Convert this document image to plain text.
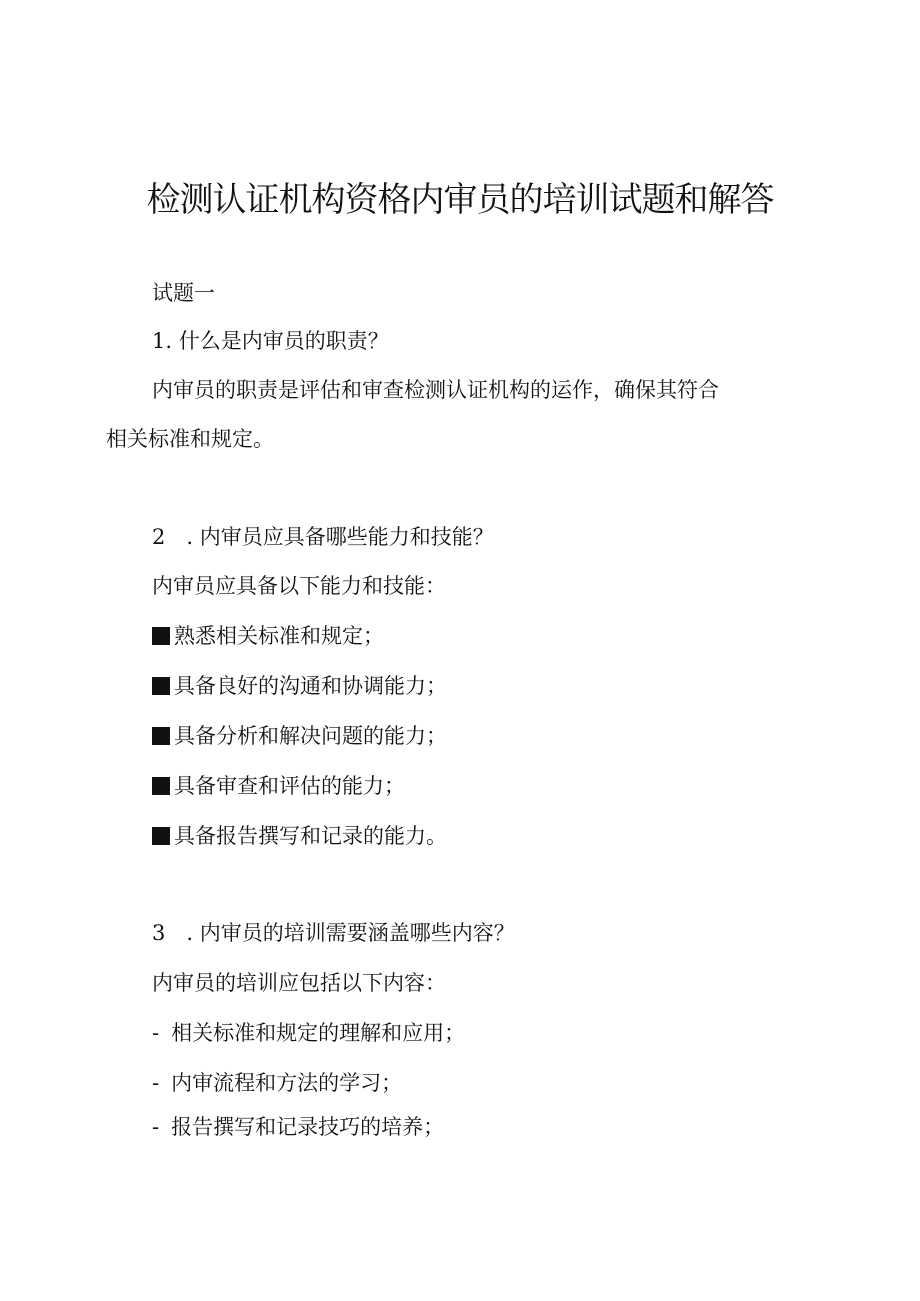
检测认证机构资格内审员的培训试题和解答
试题一
1. 什么是内审员的职责？
内审员的职责是评估和审查检测认证机构的运作，确保其符合
相关标准和规定。
2　. 内审员应具备哪些能力和技能？
内审员应具备以下能力和技能：
熟悉相关标准和规定；
具备良好的沟通和协调能力；
具备分析和解决问题的能力；
具备审查和评估的能力；
具备报告撰写和记录的能力。
3　. 内审员的培训需要涵盖哪些内容？
内审员的培训应包括以下内容：
- 相关标准和规定的理解和应用；
- 内审流程和方法的学习；
- 报告撰写和记录技巧的培养；
